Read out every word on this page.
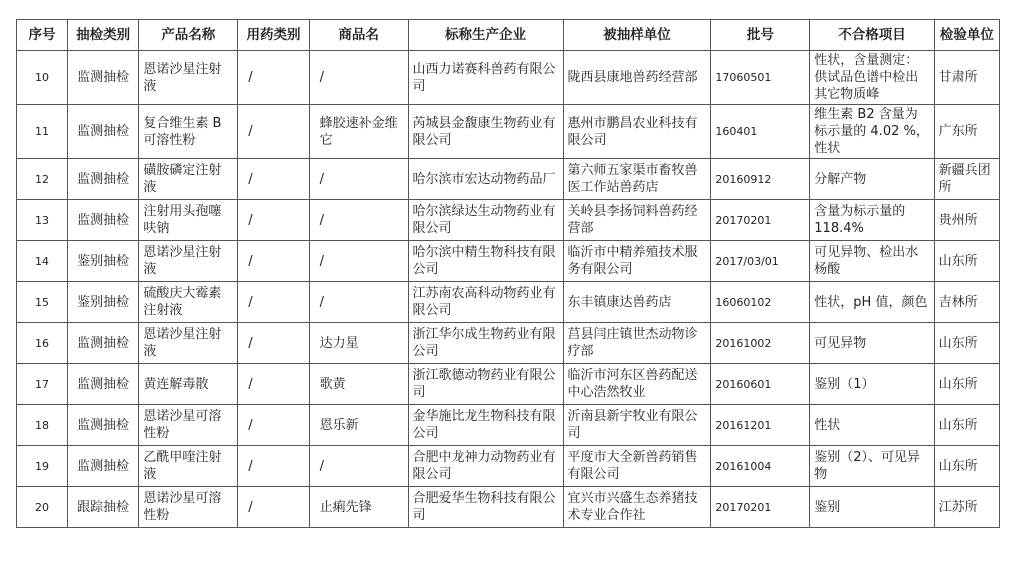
序号	抽检类别	产品名称	用药类别	商品名	标称生产企业	被抽样单位	批号	不合格项目	检验单位
10	监测抽检	恩诺沙星注射液	/	/	山西力诺赛科兽药有限公司	陇西县康地兽药经营部	17060501	性状，含量测定：供试品色谱中检出其它物质峰	甘肃所
11	监测抽检	复合维生素 B可溶性粉	/	蜂胶速补金维它	芮城县金馥康生物药业有限公司	惠州市鹏昌农业科技有限公司	160401	维生素 B2 含量为标示量的 4.02 %，性状	广东所
12	监测抽检	磺胺磷定注射液	/	/	哈尔滨市宏达动物药品厂	第六师五家渠市畜牧兽医工作站兽药店	20160912	分解产物	新疆兵团所
13	监测抽检	注射用头孢噻呋钠	/	/	哈尔滨绿达生动物药业有限公司	关岭县李扬饲料兽药经营部	20170201	含量为标示量的 118.4%	贵州所
14	鉴别抽检	恩诺沙星注射液	/	/	哈尔滨中精生物科技有限公司	临沂市中精养殖技术服务有限公司	2017/03/01	可见异物、检出水杨酸	山东所
15	鉴别抽检	硫酸庆大霉素注射液	/	/	江苏南农高科动物药业有限公司	东丰镇康达兽药店	16060102	性状，pH 值，颜色	吉林所
16	监测抽检	恩诺沙星注射液	/	达力星	浙江华尔成生物药业有限公司	莒县闫庄镇世杰动物诊疗部	20161002	可见异物	山东所
17	监测抽检	黄连解毒散	/	歌黄	浙江歌德动物药业有限公司	临沂市河东区兽药配送中心浩然牧业	20160601	鉴别（1）	山东所
18	监测抽检	恩诺沙星可溶性粉	/	恩乐新	金华施比龙生物科技有限公司	沂南县新宇牧业有限公司	20161201	性状	山东所
19	监测抽检	乙酰甲喹注射液	/	/	合肥中龙神力动物药业有限公司	平度市大全新兽药销售有限公司	20161004	鉴别（2）、可见异物	山东所
20	跟踪抽检	恩诺沙星可溶性粉	/	止痢先锋	合肥爱华生物科技有限公司	宜兴市兴盛生态养猪技术专业合作社	20170201	鉴别	江苏所
